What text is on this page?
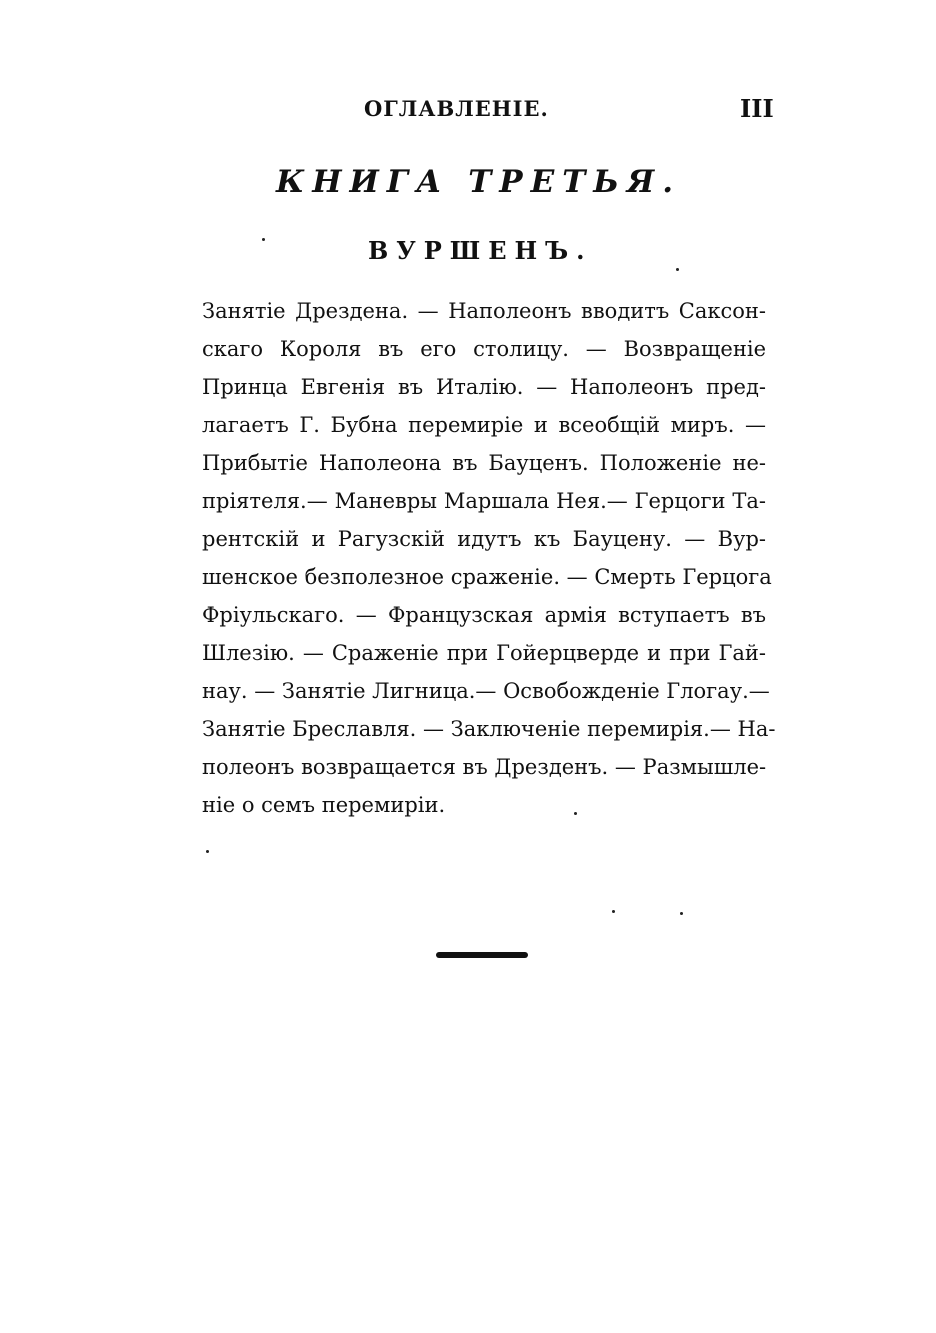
ОГЛАВЛЕНІЕ.	III
КНИГА ТРЕТЬЯ.
ВУРШЕНЪ.
Занятіе Дрездена. — Наполеонъ вводитъ Саксон-
скаго Короля въ его столицу. — Возвращеніе
Принца Евгенія въ Италію. — Наполеонъ пред-
лагаетъ Г. Бубна перемиріе и всеобщій миръ. —
Прибытіе Наполеона въ Бауценъ. Положеніе не-
пріятеля.— Маневры Маршала Нея.— Герцоги Та-
рентскій и Рагузскій идутъ къ Бауцену. — Вур-
шенское безполезное сраженіе. — Смерть Герцога
Фріульскаго. — Французская армія вступаетъ въ
Шлезію. — Сраженіе при Гойерцверде и при Гай-
нау. — Занятіе Лигница.— Освобожденіе Глогау.—
Занятіе Бреславля. — Заключеніе перемирія.— На-
полеонъ возвращается въ Дрезденъ. — Размышле-
ніе о семъ перемиріи.
